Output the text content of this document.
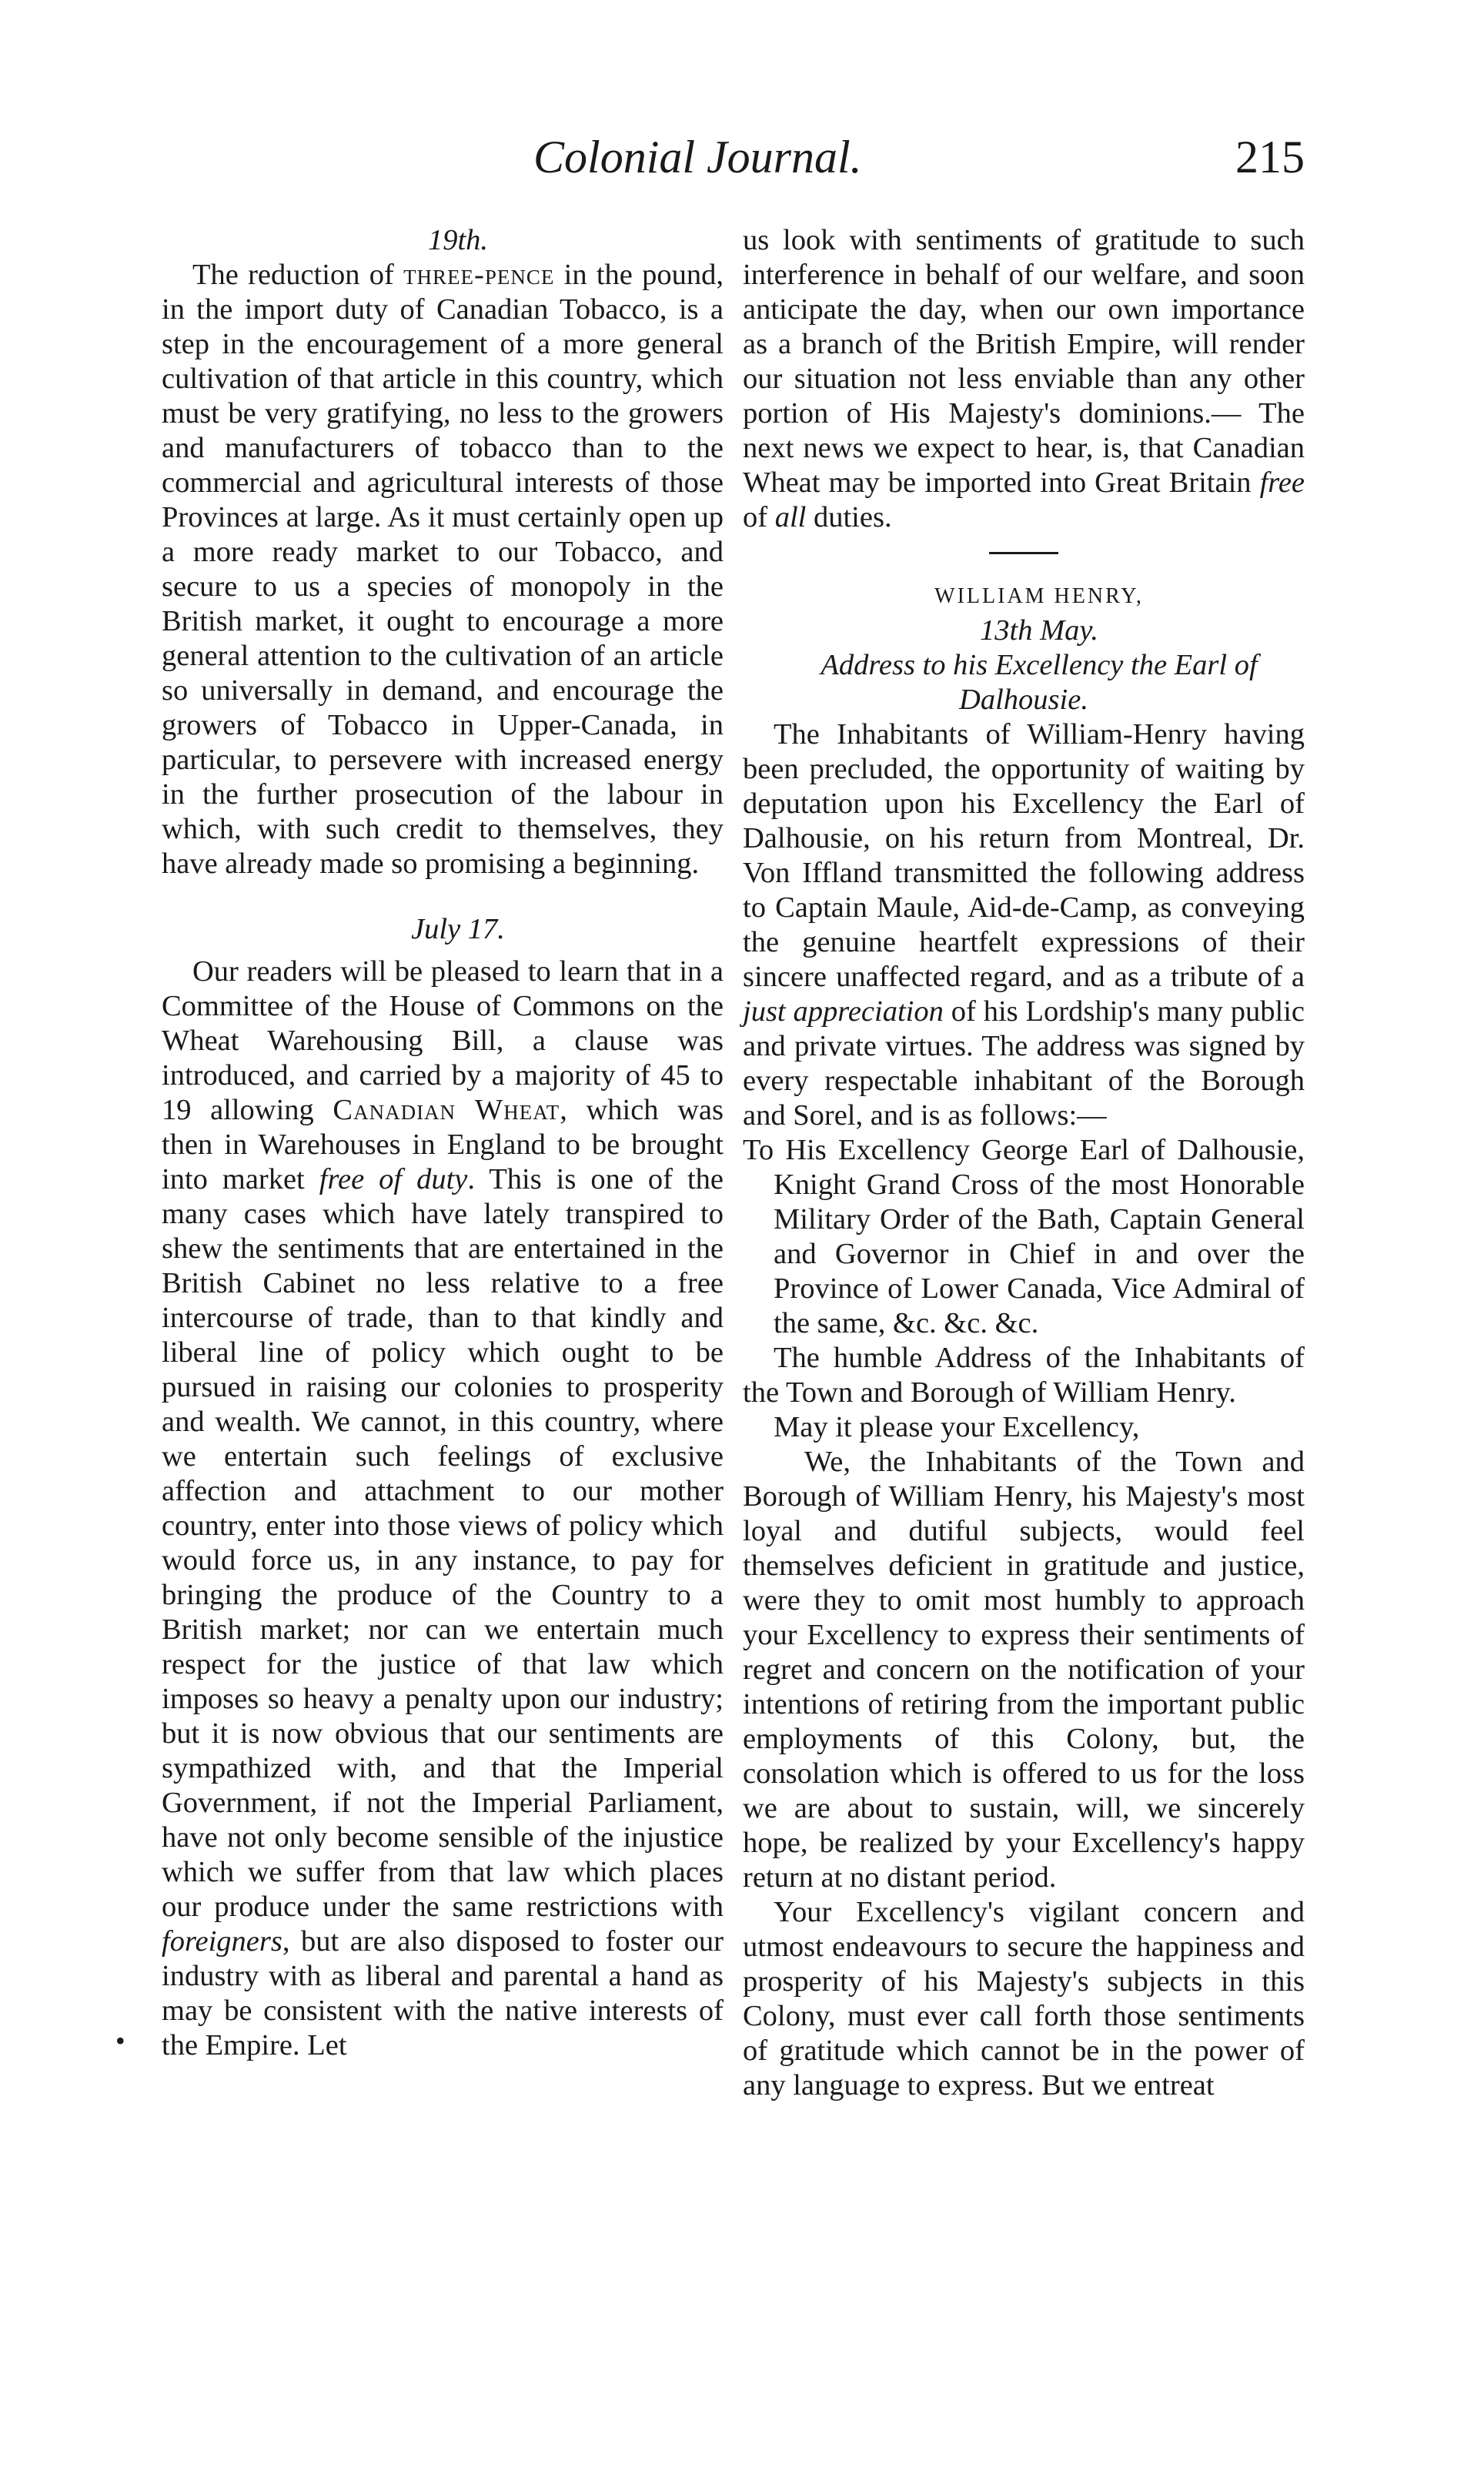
Colonial Journal.	215
•

19th.

The reduction of three-pence in the pound, in the import duty of Canadian Tobacco, is a step in the encouragement of a more general cultivation of that article in this country, which must be very gratifying, no less to the growers and manufacturers of tobacco than to the commercial and agricultural interests of those Provinces at large. As it must certainly open up a more ready market to our Tobacco, and secure to us a species of monopoly in the British market, it ought to encourage a more general attention to the cultivation of an article so universally in demand, and encourage the growers of Tobacco in Upper-Canada, in particular, to persevere with increased energy in the further prosecution of the labour in which, with such credit to themselves, they have already made so promising a beginning.

July 17.

Our readers will be pleased to learn that in a Committee of the House of Commons on the Wheat Warehousing Bill, a clause was introduced, and carried by a majority of 45 to 19 allowing Canadian Wheat, which was then in Warehouses in England to be brought into market free of duty. This is one of the many cases which have lately transpired to shew the sentiments that are entertained in the British Cabinet no less relative to a free intercourse of trade, than to that kindly and liberal line of policy which ought to be pursued in raising our colonies to prosperity and wealth. We cannot, in this country, where we entertain such feelings of exclusive affection and attachment to our mother country, enter into those views of policy which would force us, in any instance, to pay for bringing the produce of the Country to a British market; nor can we entertain much respect for the justice of that law which imposes so heavy a penalty upon our industry; but it is now obvious that our sentiments are sympathized with, and that the Imperial Government, if not the Imperial Parliament, have not only become sensible of the injustice which we suffer from that law which places our produce under the same restrictions with foreigners, but are also disposed to foster our industry with as liberal and parental a hand as may be consistent with the native interests of the Empire. Let

us look with sentiments of gratitude to such interference in behalf of our welfare, and soon anticipate the day, when our own importance as a branch of the British Empire, will render our situation not less enviable than any other portion of His Majesty's dominions.— The next news we expect to hear, is, that Canadian Wheat may be imported into Great Britain free of all duties.

WILLIAM HENRY,

13th May.

Address to his Excellency the Earl of Dalhousie.

The Inhabitants of William-Henry having been precluded, the opportunity of waiting by deputation upon his Excellency the Earl of Dalhousie, on his return from Montreal, Dr. Von Iffland transmitted the following address to Captain Maule, Aid-de-Camp, as conveying the genuine heartfelt expressions of their sincere unaffected regard, and as a tribute of a just appreciation of his Lordship's many public and private virtues. The address was signed by every respectable inhabitant of the Borough and Sorel, and is as follows:—

To His Excellency George Earl of Dalhousie, Knight Grand Cross of the most Honorable Military Order of the Bath, Captain General and Governor in Chief in and over the Province of Lower Canada, Vice Admiral of the same, &c. &c. &c.

The humble Address of the Inhabitants of the Town and Borough of William Henry.

May it please your Excellency,

We, the Inhabitants of the Town and Borough of William Henry, his Majesty's most loyal and dutiful subjects, would feel themselves deficient in gratitude and justice, were they to omit most humbly to approach your Excellency to express their sentiments of regret and concern on the notification of your intentions of retiring from the important public employments of this Colony, but, the consolation which is offered to us for the loss we are about to sustain, will, we sincerely hope, be realized by your Excellency's happy return at no distant period.

Your Excellency's vigilant concern and utmost endeavours to secure the happiness and prosperity of his Majesty's subjects in this Colony, must ever call forth those sentiments of gratitude which cannot be in the power of any language to express. But we entreat
